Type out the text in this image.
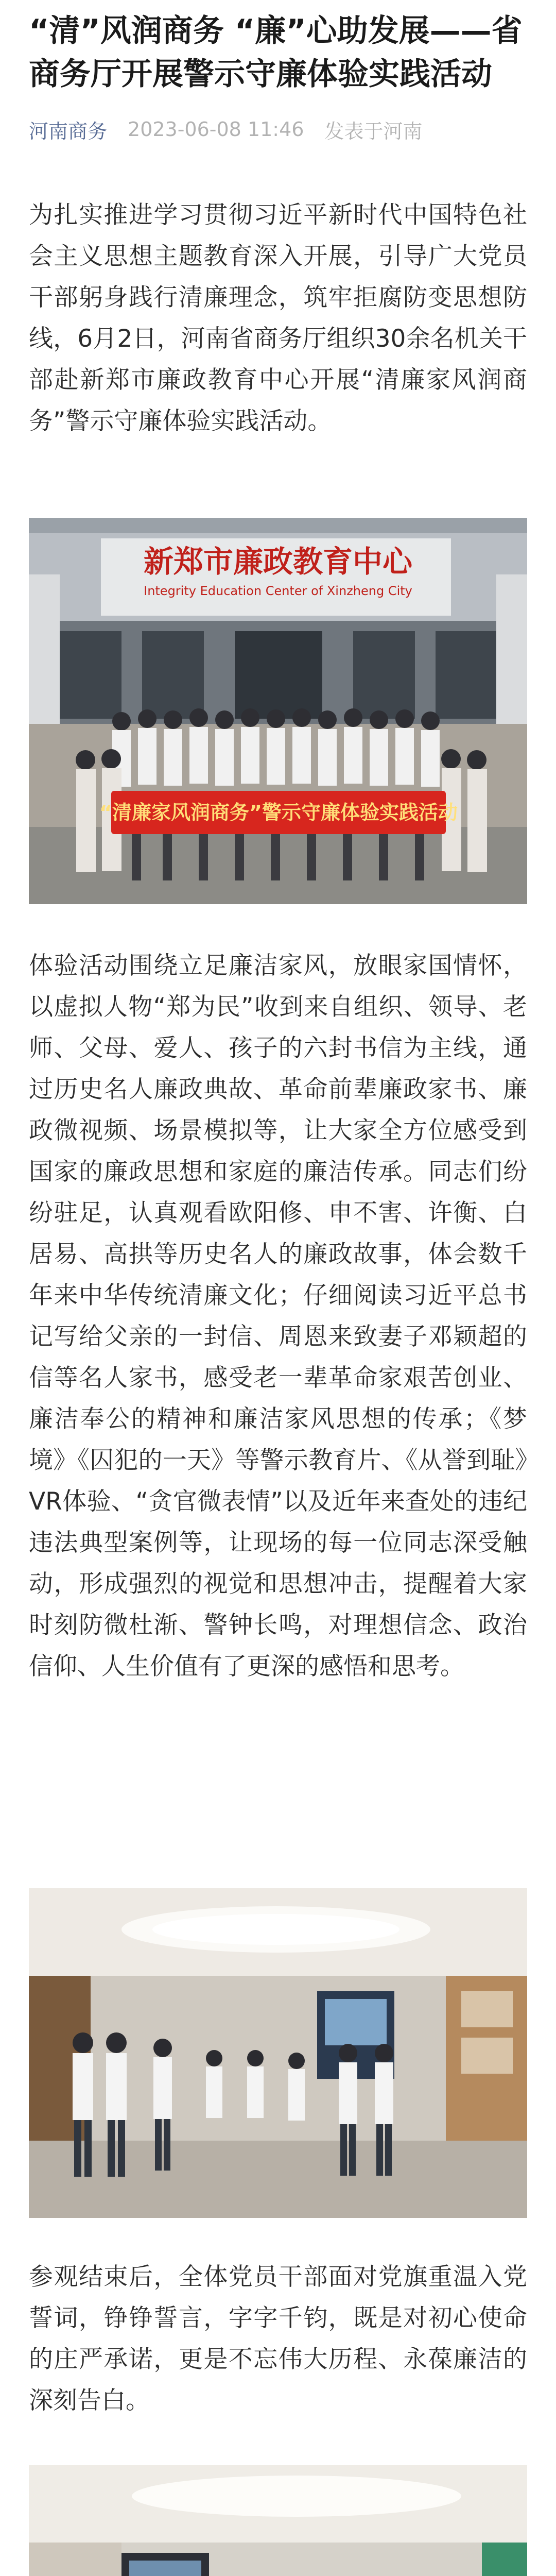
“清”风润商务 “廉”心助发展——省商务厅开展警示守廉体验实践活动
河南商务 2023-06-08 11:46 发表于河南

为扎实推进学习贯彻习近平新时代中国特色社会主义思想主题教育深入开展，引导广大党员干部躬身践行清廉理念，筑牢拒腐防变思想防线，6月2日，河南省商务厅组织30余名机关干部赴新郑市廉政教育中心开展“清廉家风润商务”警示守廉体验实践活动。

新郑市廉政教育中心
Integrity Education Center of Xinzheng City
“清廉家风润商务”警示守廉体验实践活动

体验活动围绕立足廉洁家风，放眼家国情怀，以虚拟人物“郑为民”收到来自组织、领导、老师、父母、爱人、孩子的六封书信为主线，通过历史名人廉政典故、革命前辈廉政家书、廉政微视频、场景模拟等，让大家全方位感受到国家的廉政思想和家庭的廉洁传承。同志们纷纷驻足，认真观看欧阳修、申不害、许衡、白居易、高拱等历史名人的廉政故事，体会数千年来中华传统清廉文化；仔细阅读习近平总书记写给父亲的一封信、周恩来致妻子邓颖超的信等名人家书，感受老一辈革命家艰苦创业、廉洁奉公的精神和廉洁家风思想的传承；《梦境》《囚犯的一天》等警示教育片、《从誉到耻》VR体验、“贪官微表情”以及近年来查处的违纪违法典型案例等，让现场的每一位同志深受触动，形成强烈的视觉和思想冲击，提醒着大家时刻防微杜渐、警钟长鸣，对理想信念、政治信仰、人生价值有了更深的感悟和思考。

参观结束后，全体党员干部面对党旗重温入党誓词，铮铮誓言，字字千钧，既是对初心使命的庄严承诺，更是不忘伟大历程、永葆廉洁的深刻告白。
